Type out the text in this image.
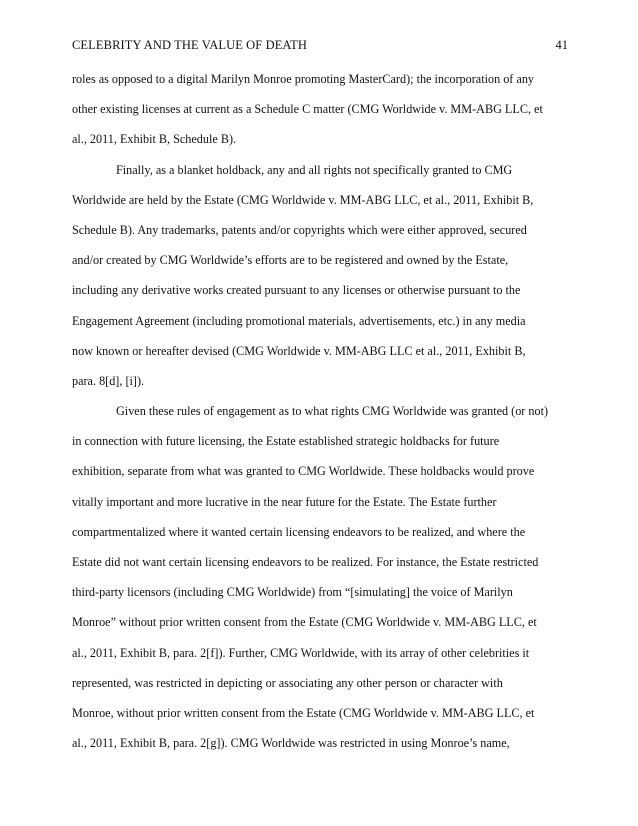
CELEBRITY AND THE VALUE OF DEATH	41
roles as opposed to a digital Marilyn Monroe promoting MasterCard); the incorporation of any
other existing licenses at current as a Schedule C matter (CMG Worldwide v. MM-ABG LLC, et
al., 2011, Exhibit B, Schedule B).
Finally, as a blanket holdback, any and all rights not specifically granted to CMG
Worldwide are held by the Estate (CMG Worldwide v. MM-ABG LLC, et al., 2011, Exhibit B,
Schedule B). Any trademarks, patents and/or copyrights which were either approved, secured
and/or created by CMG Worldwide’s efforts are to be registered and owned by the Estate,
including any derivative works created pursuant to any licenses or otherwise pursuant to the
Engagement Agreement (including promotional materials, advertisements, etc.) in any media
now known or hereafter devised (CMG Worldwide v. MM-ABG LLC et al., 2011, Exhibit B,
para. 8[d], [i]).
Given these rules of engagement as to what rights CMG Worldwide was granted (or not)
in connection with future licensing, the Estate established strategic holdbacks for future
exhibition, separate from what was granted to CMG Worldwide. These holdbacks would prove
vitally important and more lucrative in the near future for the Estate. The Estate further
compartmentalized where it wanted certain licensing endeavors to be realized, and where the
Estate did not want certain licensing endeavors to be realized. For instance, the Estate restricted
third-party licensors (including CMG Worldwide) from “[simulating] the voice of Marilyn
Monroe” without prior written consent from the Estate (CMG Worldwide v. MM-ABG LLC, et
al., 2011, Exhibit B, para. 2[f]). Further, CMG Worldwide, with its array of other celebrities it
represented, was restricted in depicting or associating any other person or character with
Monroe, without prior written consent from the Estate (CMG Worldwide v. MM-ABG LLC, et
al., 2011, Exhibit B, para. 2[g]). CMG Worldwide was restricted in using Monroe’s name,
